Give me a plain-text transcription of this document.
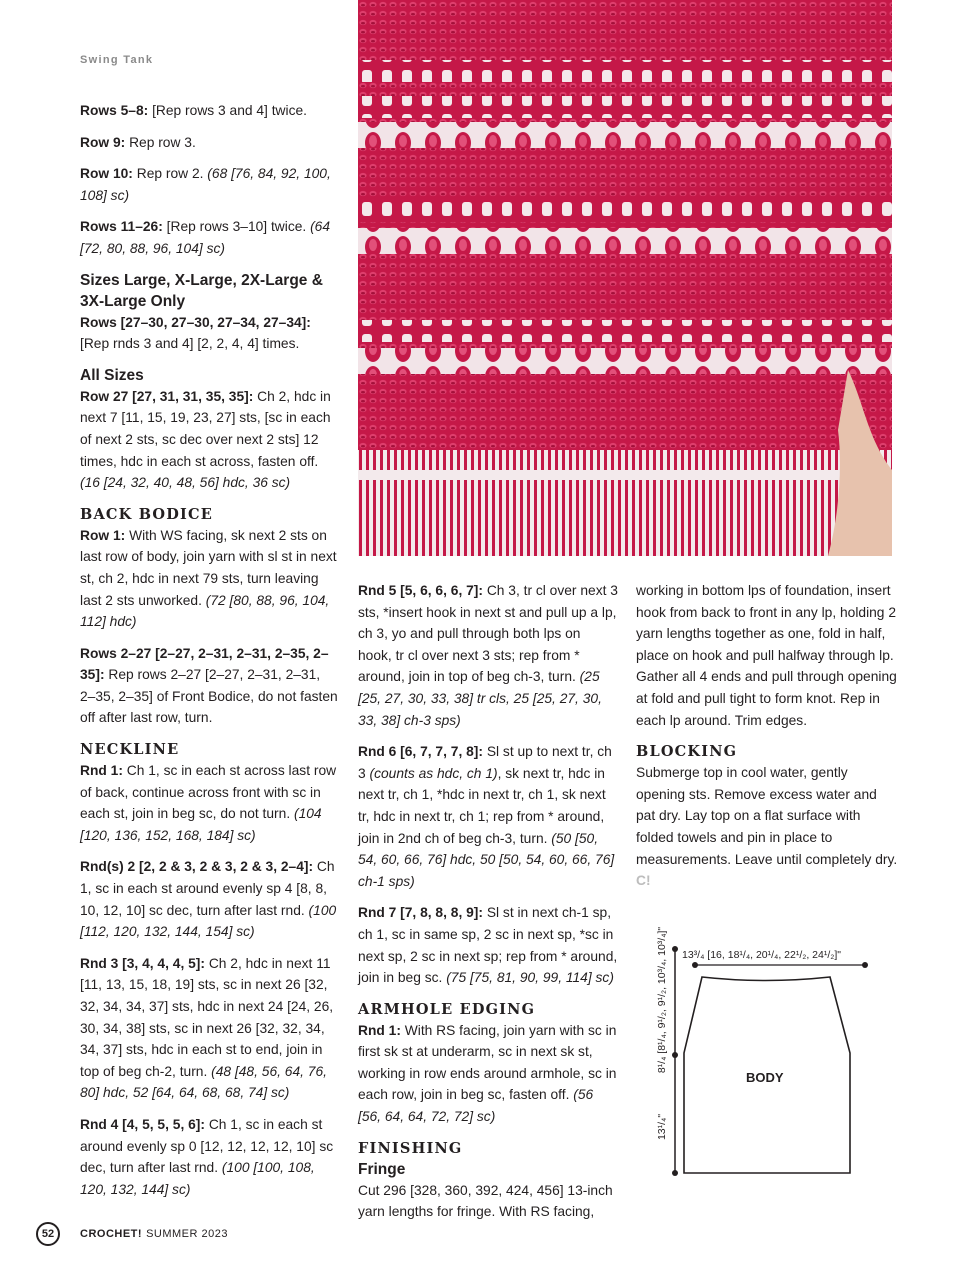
Swing Tank

Rows 5–8: [Rep rows 3 and 4] twice.

Row 9: Rep row 3.

Row 10: Rep row 2. (68 [76, 84, 92, 100, 108] sc)

Rows 11–26: [Rep rows 3–10] twice. (64 [72, 80, 88, 96, 104] sc)

Sizes Large, X-Large, 2X-Large & 3X-Large Only
Rows [27–30, 27–30, 27–34, 27–34]: [Rep rnds 3 and 4] [2, 2, 4, 4] times.

All Sizes
Row 27 [27, 31, 31, 35, 35]: Ch 2, hdc in next 7 [11, 15, 19, 23, 27] sts, [sc in each of next 2 sts, sc dec over next 2 sts] 12 times, hdc in each st across, fasten off. (16 [24, 32, 40, 48, 56] hdc, 36 sc)

BACK BODICE
Row 1: With WS facing, sk next 2 sts on last row of body, join yarn with sl st in next st, ch 2, hdc in next 79 sts, turn leaving last 2 sts unworked. (72 [80, 88, 96, 104, 112] hdc)

Rows 2–27 [2–27, 2–31, 2–31, 2–35, 2–35]: Rep rows 2–27 [2–27, 2–31, 2–31, 2–35, 2–35] of Front Bodice, do not fasten off after last row, turn.

NECKLINE
Rnd 1: Ch 1, sc in each st across last row of back, continue across front with sc in each st, join in beg sc, do not turn. (104 [120, 136, 152, 168, 184] sc)

Rnd(s) 2 [2, 2 & 3, 2 & 3, 2 & 3, 2–4]: Ch 1, sc in each st around evenly sp 4 [8, 8, 10, 12, 10] sc dec, turn after last rnd. (100 [112, 120, 132, 144, 154] sc)

Rnd 3 [3, 4, 4, 4, 5]: Ch 2, hdc in next 11 [11, 13, 15, 18, 19] sts, sc in next 26 [32, 32, 34, 34, 37] sts, hdc in next 24 [24, 26, 30, 34, 38] sts, sc in next 26 [32, 32, 34, 34, 37] sts, hdc in each st to end, join in top of beg ch-2, turn. (48 [48, 56, 64, 76, 80] hdc, 52 [64, 64, 68, 68, 74] sc)

Rnd 4 [4, 5, 5, 5, 6]: Ch 1, sc in each st around evenly sp 0 [12, 12, 12, 12, 10] sc dec, turn after last rnd. (100 [100, 108, 120, 132, 144] sc)

Rnd 5 [5, 6, 6, 6, 7]: Ch 3, tr cl over next 3 sts, *insert hook in next st and pull up a lp, ch 3, yo and pull through both lps on hook, tr cl over next 3 sts; rep from * around, join in top of beg ch-3, turn. (25 [25, 27, 30, 33, 38] tr cls, 25 [25, 27, 30, 33, 38] ch-3 sps)

Rnd 6 [6, 7, 7, 7, 8]: Sl st up to next tr, ch 3 (counts as hdc, ch 1), sk next tr, hdc in next tr, ch 1, *hdc in next tr, ch 1, sk next tr, hdc in next tr, ch 1; rep from * around, join in 2nd ch of beg ch-3, turn. (50 [50, 54, 60, 66, 76] hdc, 50 [50, 54, 60, 66, 76] ch-1 sps)

Rnd 7 [7, 8, 8, 8, 9]: Sl st in next ch-1 sp, ch 1, sc in same sp, 2 sc in next sp, *sc in next sp, 2 sc in next sp; rep from * around, join in beg sc. (75 [75, 81, 90, 99, 114] sc)

ARMHOLE EDGING
Rnd 1: With RS facing, join yarn with sc in first sk st at underarm, sc in next sk st, working in row ends around armhole, sc in each row, join in beg sc, fasten off. (56 [56, 64, 64, 72, 72] sc)

FINISHING
Fringe
Cut 296 [328, 360, 392, 424, 456] 13-inch yarn lengths for fringe. With RS facing,

working in bottom lps of foundation, insert hook from back to front in any lp, holding 2 yarn lengths together as one, fold in half, place on hook and pull halfway through lp. Gather all 4 ends and pull through opening at fold and pull tight to form knot. Rep in each lp around. Trim edges.

BLOCKING
Submerge top in cool water, gently opening sts. Remove excess water and pat dry. Lay top on a flat surface with folded towels and pin in place to measurements. Leave until completely dry. C!

BODY
13³/₄ [16, 18¹/₄, 20¹/₄, 22¹/₂, 24¹/₂]"
13¹/₄"
8¹/₄ [8¹/₄, 9¹/₂, 9¹/₂, 10³/₄, 10³/₄]"
52	CROCHET! SUMMER 2023
